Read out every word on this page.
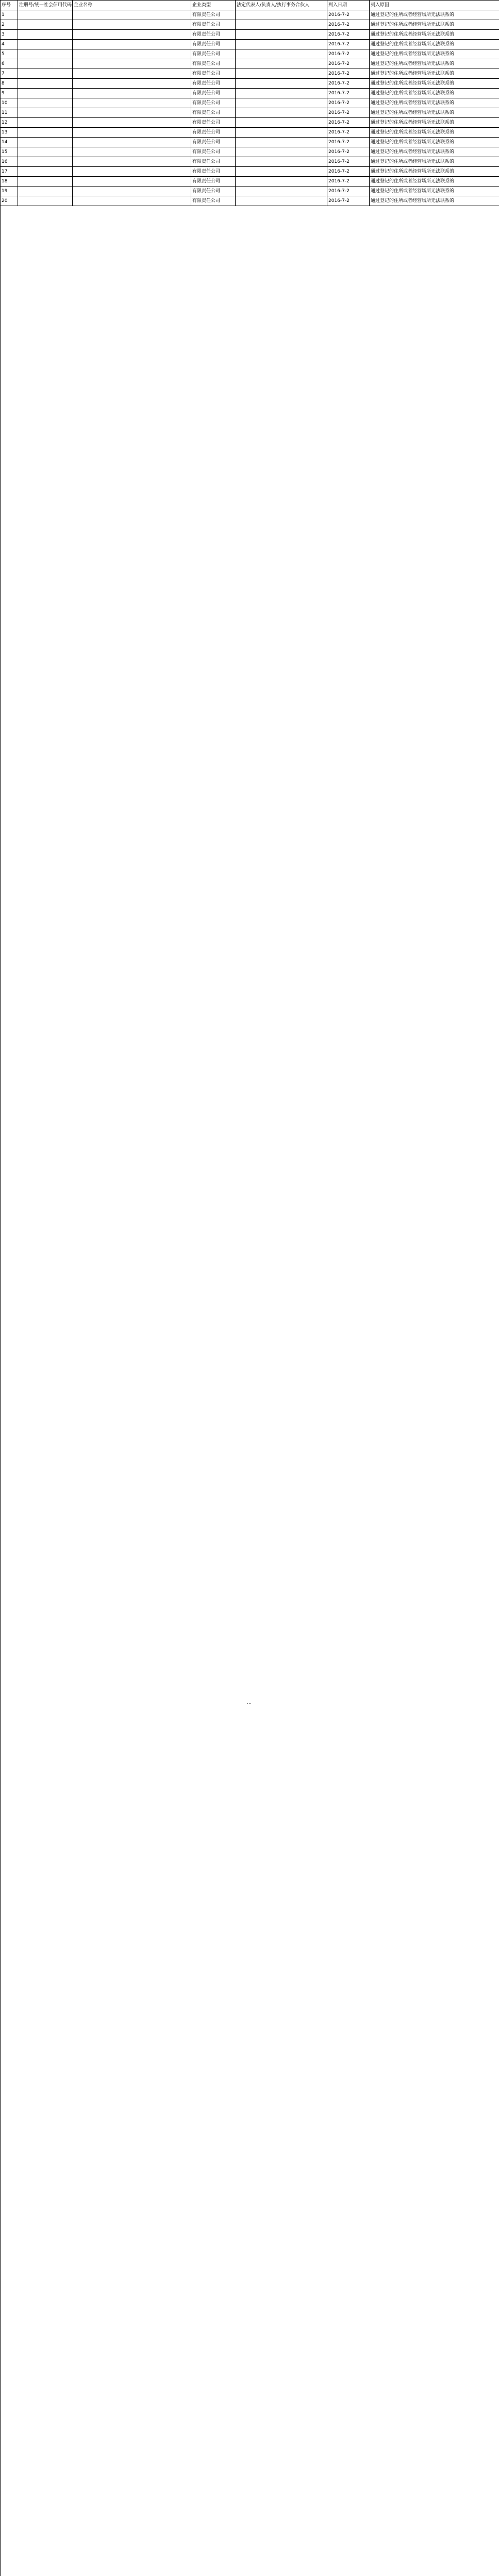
序号	注册号/统一社会信用代码	企业名称	企业类型	法定代表人/负责人/执行事务合伙人	列入日期	列入原因
1			有限责任公司		2016-7-2	通过登记的住所或者经营场所无法联系的
2			有限责任公司		2016-7-2	通过登记的住所或者经营场所无法联系的
3			有限责任公司		2016-7-2	通过登记的住所或者经营场所无法联系的
4			有限责任公司		2016-7-2	通过登记的住所或者经营场所无法联系的
5			有限责任公司		2016-7-2	通过登记的住所或者经营场所无法联系的
6			有限责任公司		2016-7-2	通过登记的住所或者经营场所无法联系的
7			有限责任公司		2016-7-2	通过登记的住所或者经营场所无法联系的
8			有限责任公司		2016-7-2	通过登记的住所或者经营场所无法联系的
9			有限责任公司		2016-7-2	通过登记的住所或者经营场所无法联系的
10			有限责任公司		2016-7-2	通过登记的住所或者经营场所无法联系的
11			有限责任公司		2016-7-2	通过登记的住所或者经营场所无法联系的
12			有限责任公司		2016-7-2	通过登记的住所或者经营场所无法联系的
13			有限责任公司		2016-7-2	通过登记的住所或者经营场所无法联系的
14			有限责任公司		2016-7-2	通过登记的住所或者经营场所无法联系的
15			有限责任公司		2016-7-2	通过登记的住所或者经营场所无法联系的
16			有限责任公司		2016-7-2	通过登记的住所或者经营场所无法联系的
17			有限责任公司		2016-7-2	通过登记的住所或者经营场所无法联系的
18			有限责任公司		2016-7-2	通过登记的住所或者经营场所无法联系的
19			有限责任公司		2016-7-2	通过登记的住所或者经营场所无法联系的
20			有限责任公司		2016-7-2	通过登记的住所或者经营场所无法联系的
…						
